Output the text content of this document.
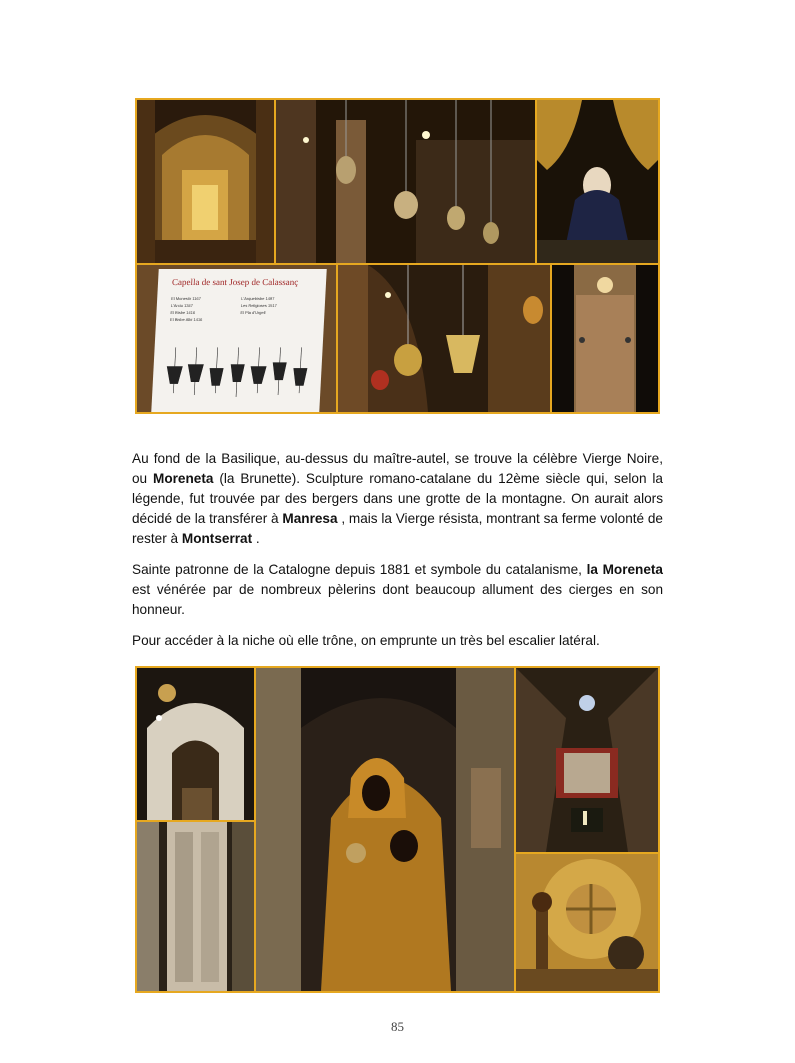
Capella de sant Josep de Calassanç
El Monestir 1167
L'Arxiu 1347
El Bisbe 1416
El Bisbe Albi 1416
L'Arquebisbe 1497
Les Religioses 1517
El Pla d'Urgell

Au fond de la Basilique, au-dessus du maître-autel, se trouve la célèbre Vierge Noire, ou Moreneta (la Brunette). Sculpture romano-catalane du 12ème siècle qui, selon la légende, fut trouvée par des bergers dans une grotte de la montagne. On aurait alors décidé de la transférer à Manresa , mais la Vierge résista, montrant sa ferme volonté de rester à Montserrat .

Sainte patronne de la Catalogne depuis 1881 et symbole du catalanisme, la Moreneta est vénérée par de nombreux pèlerins dont beaucoup allument des cierges en son honneur.

Pour accéder à la niche où elle trône, on emprunte un très bel escalier latéral.

85
